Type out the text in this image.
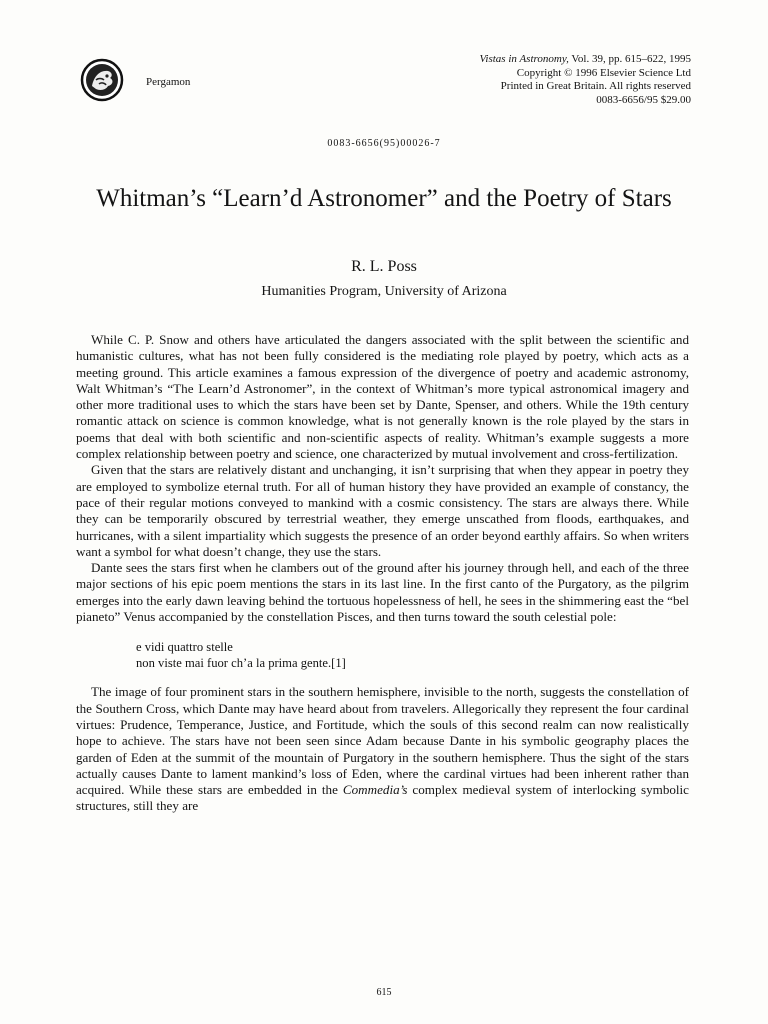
Pergamon
Vistas in Astronomy, Vol. 39, pp. 615–622, 1995
Copyright © 1996 Elsevier Science Ltd
Printed in Great Britain. All rights reserved
0083-6656/95 $29.00
0083-6656(95)00026-7
Whitman’s “Learn’d Astronomer” and the Poetry of Stars
R. L. Poss
Humanities Program, University of Arizona

While C. P. Snow and others have articulated the dangers associated with the split between the scientific and humanistic cultures, what has not been fully considered is the mediating role played by poetry, which acts as a meeting ground. This article examines a famous expression of the divergence of poetry and academic astronomy, Walt Whitman’s “The Learn’d Astronomer”, in the context of Whitman’s more typical astronomical imagery and other more traditional uses to which the stars have been set by Dante, Spenser, and others. While the 19th century romantic attack on science is common knowledge, what is not generally known is the role played by the stars in poems that deal with both scientific and non-scientific aspects of reality. Whitman’s example suggests a more complex relationship between poetry and science, one characterized by mutual involvement and cross-fertilization.

Given that the stars are relatively distant and unchanging, it isn’t surprising that when they appear in poetry they are employed to symbolize eternal truth. For all of human history they have provided an example of constancy, the pace of their regular motions conveyed to mankind with a cosmic consistency. The stars are always there. While they can be temporarily obscured by terrestrial weather, they emerge unscathed from floods, earthquakes, and hurricanes, with a silent impartiality which suggests the presence of an order beyond earthly affairs. So when writers want a symbol for what doesn’t change, they use the stars.

Dante sees the stars first when he clambers out of the ground after his journey through hell, and each of the three major sections of his epic poem mentions the stars in its last line. In the first canto of the Purgatory, as the pilgrim emerges into the early dawn leaving behind the tortuous hopelessness of hell, he sees in the shimmering east the “bel pianeto” Venus accompanied by the constellation Pisces, and then turns toward the south celestial pole:

e vidi quattro stelle
non viste mai fuor ch’a la prima gente.[1]

The image of four prominent stars in the southern hemisphere, invisible to the north, suggests the constellation of the Southern Cross, which Dante may have heard about from travelers. Allegorically they represent the four cardinal virtues: Prudence, Temperance, Justice, and Fortitude, which the souls of this second realm can now realistically hope to achieve. The stars have not been seen since Adam because Dante in his symbolic geography places the garden of Eden at the summit of the mountain of Purgatory in the southern hemisphere. Thus the sight of the stars actually causes Dante to lament mankind’s loss of Eden, where the cardinal virtues had been inherent rather than acquired. While these stars are embedded in the Commedia’s complex medieval system of interlocking symbolic structures, still they are

615
